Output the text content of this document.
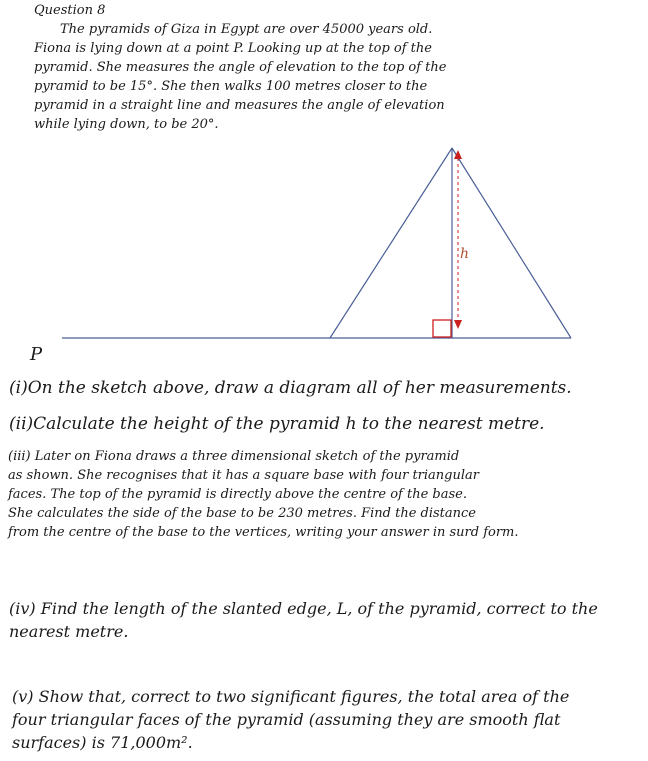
Question 8
The pyramids of Giza in Egypt are over 45000 years old.
Fiona is lying down at a point P. Looking up at the top of the
pyramid. She measures the angle of elevation to the top of the
pyramid to be 15°. She then walks 100 metres closer to the
pyramid in a straight line and measures the angle of elevation
while lying down, to be 20°.
h
P
(i)On the sketch above, draw a diagram all of her measurements.
(ii)Calculate the height of the pyramid h to the nearest metre.
(iii) Later on Fiona draws a three dimensional sketch of the pyramid
as shown. She recognises that it has a square base with four triangular
faces. The top of the pyramid is directly above the centre of the base.
She calculates the side of the base to be 230 metres. Find the distance
from the centre of the base to the vertices, writing your answer in surd form.
(iv) Find the length of the slanted edge, L, of the pyramid, correct to the
nearest metre.
(v) Show that, correct to two significant figures, the total area of the
four triangular faces of the pyramid (assuming they are smooth flat
surfaces) is 71,000m².
